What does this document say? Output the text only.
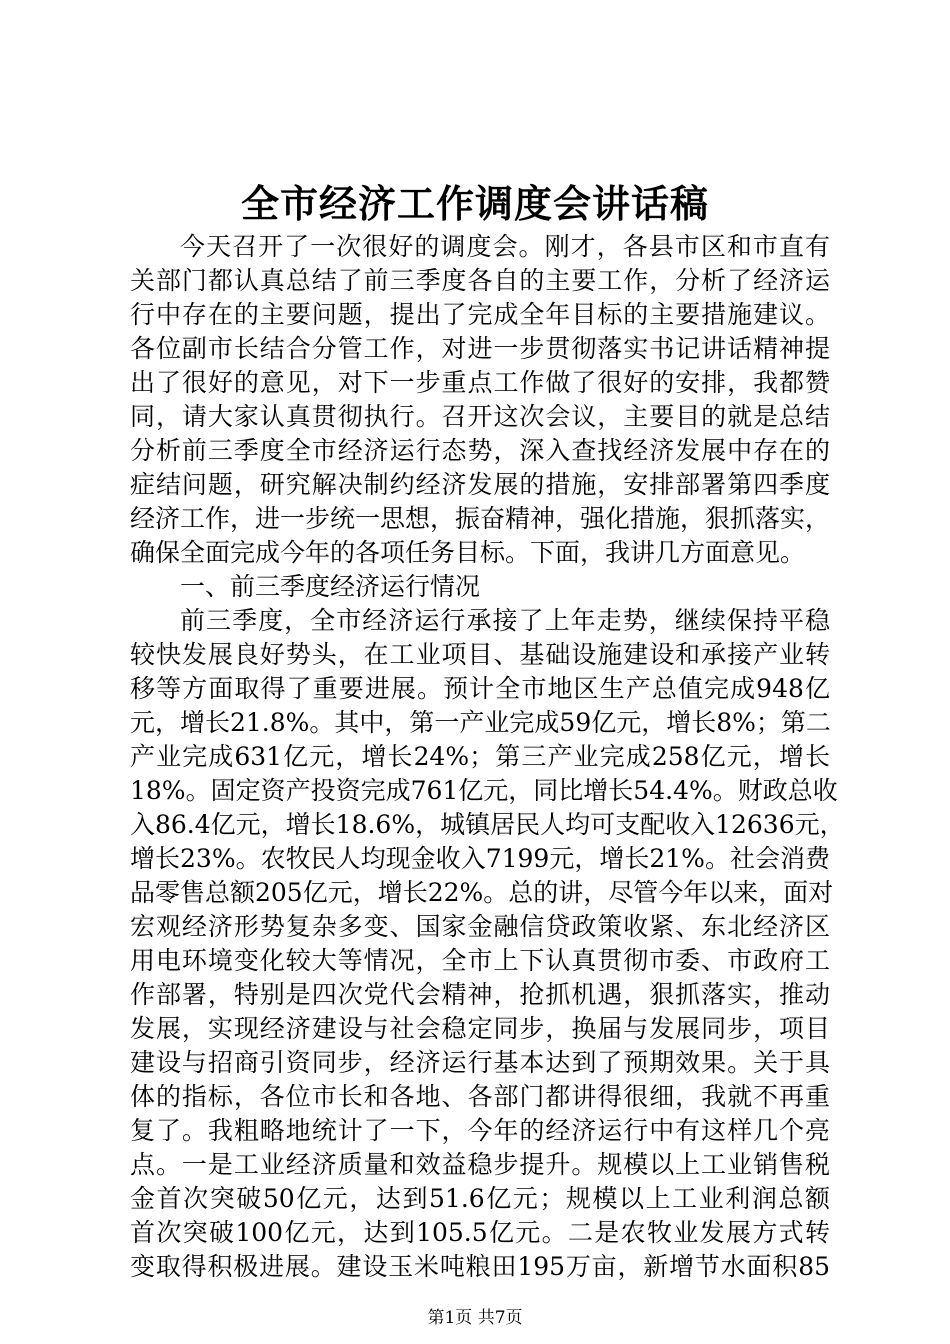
全市经济工作调度会讲话稿
今天召开了一次很好的调度会。刚才，各县市区和市直有
关部门都认真总结了前三季度各自的主要工作，分析了经济运
行中存在的主要问题，提出了完成全年目标的主要措施建议。
各位副市长结合分管工作，对进一步贯彻落实书记讲话精神提
出了很好的意见，对下一步重点工作做了很好的安排，我都赞
同，请大家认真贯彻执行。召开这次会议，主要目的就是总结
分析前三季度全市经济运行态势，深入查找经济发展中存在的
症结问题，研究解决制约经济发展的措施，安排部署第四季度
经济工作，进一步统一思想，振奋精神，强化措施，狠抓落实，
确保全面完成今年的各项任务目标。下面，我讲几方面意见。
一、前三季度经济运行情况
前三季度，全市经济运行承接了上年走势，继续保持平稳
较快发展良好势头，在工业项目、基础设施建设和承接产业转
移等方面取得了重要进展。预计全市地区生产总值完成948亿
元，增长21.8%。其中，第一产业完成59亿元，增长8%；第二
产业完成631亿元，增长24%；第三产业完成258亿元，增长
18%。固定资产投资完成761亿元，同比增长54.4%。财政总收
入86.4亿元，增长18.6%，城镇居民人均可支配收入12636元，
增长23%。农牧民人均现金收入7199元，增长21%。社会消费
品零售总额205亿元，增长22%。总的讲，尽管今年以来，面对
宏观经济形势复杂多变、国家金融信贷政策收紧、东北经济区
用电环境变化较大等情况，全市上下认真贯彻市委、市政府工
作部署，特别是四次党代会精神，抢抓机遇，狠抓落实，推动
发展，实现经济建设与社会稳定同步，换届与发展同步，项目
建设与招商引资同步，经济运行基本达到了预期效果。关于具
体的指标，各位市长和各地、各部门都讲得很细，我就不再重
复了。我粗略地统计了一下，今年的经济运行中有这样几个亮
点。一是工业经济质量和效益稳步提升。规模以上工业销售税
金首次突破50亿元，达到51.6亿元；规模以上工业利润总额
首次突破100亿元，达到105.5亿元。二是农牧业发展方式转
变取得积极进展。建设玉米吨粮田195万亩，新增节水面积85
第1页 共7页
